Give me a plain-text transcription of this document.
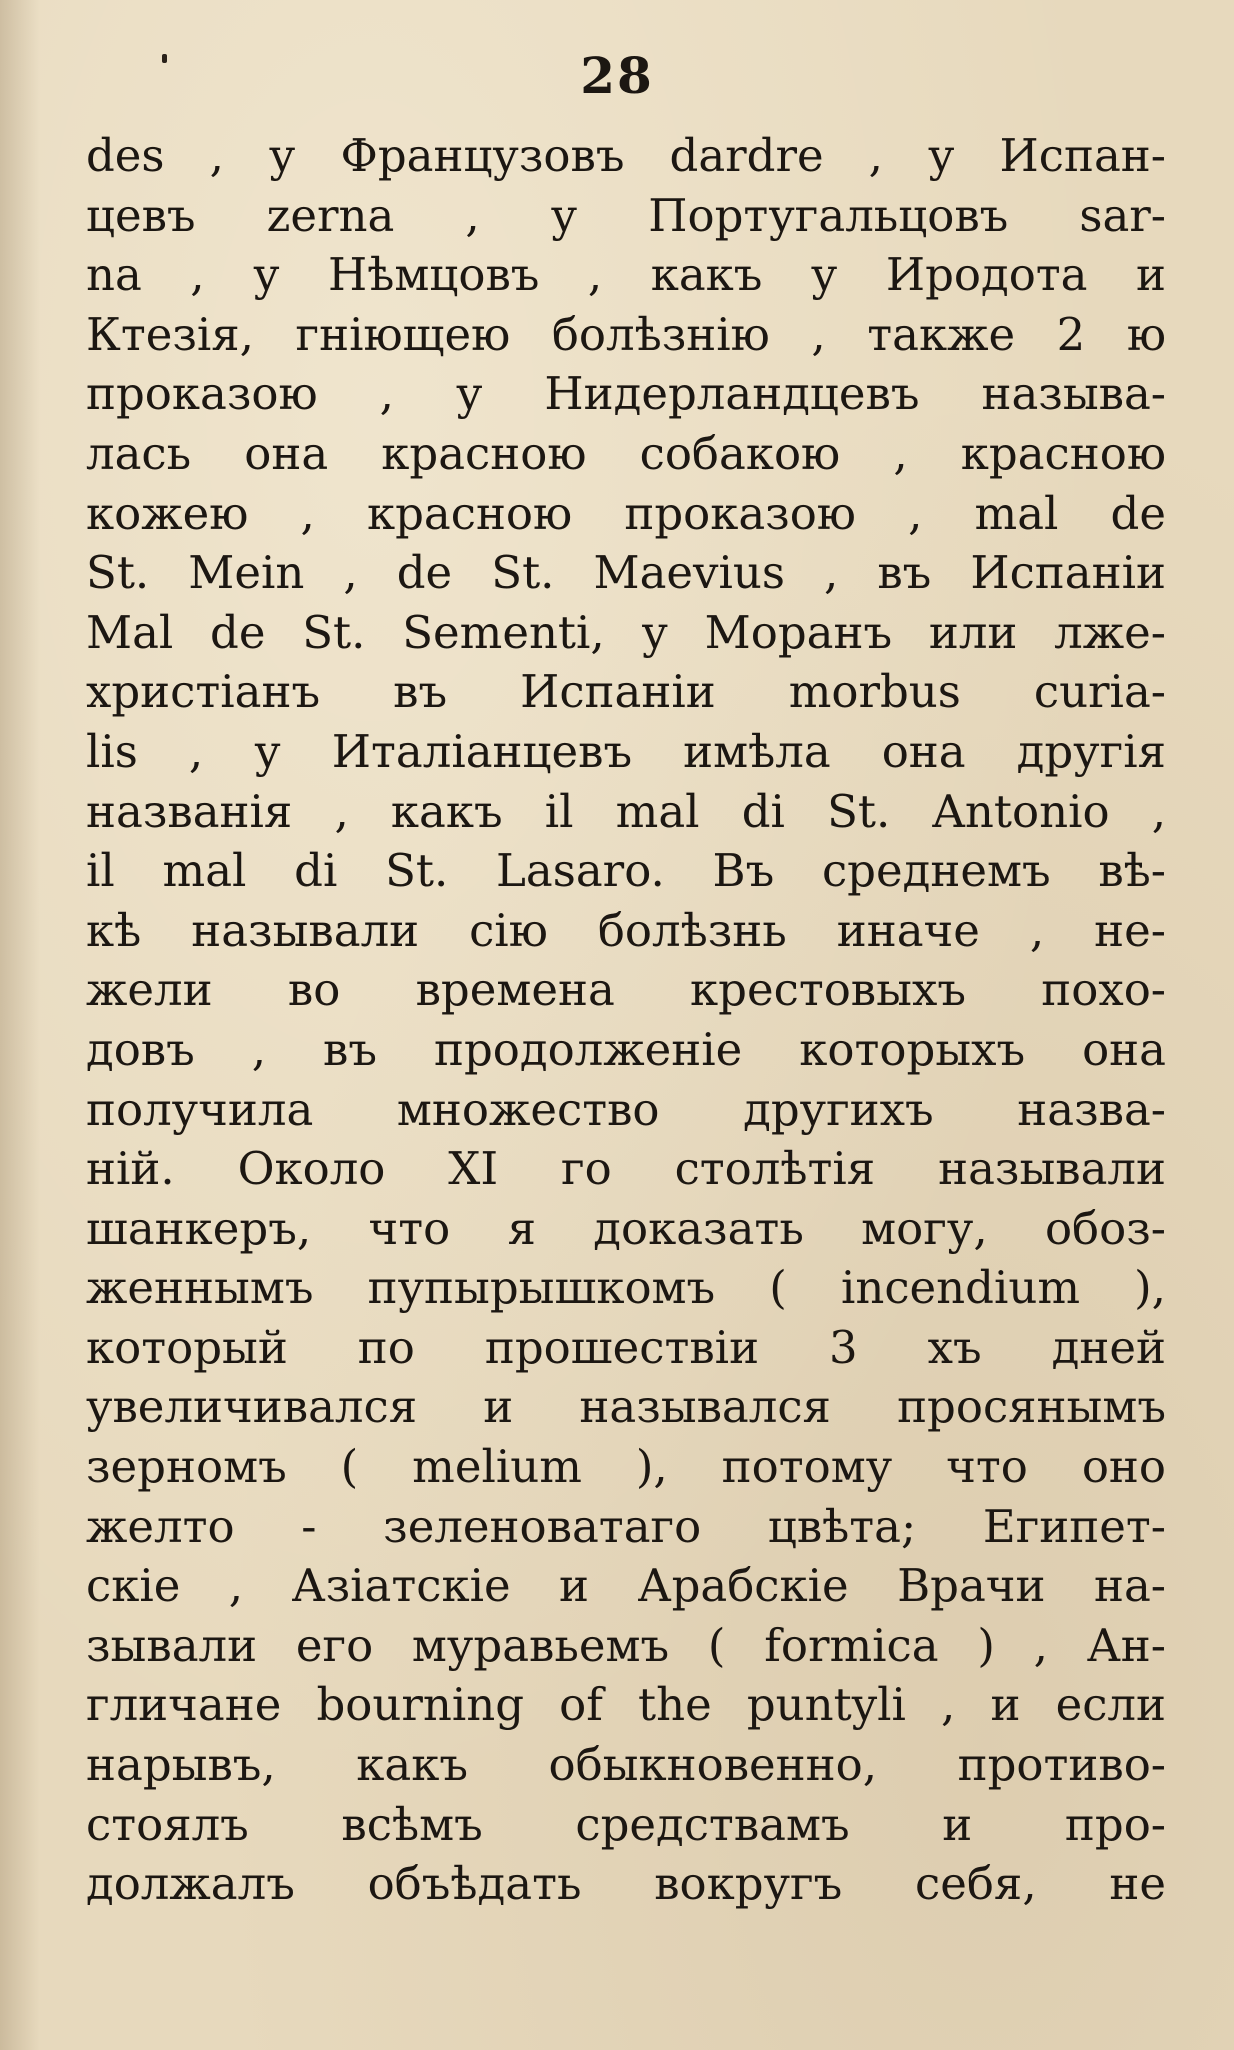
28
des , у Французовъ dardre , у Испан-
цевъ zerna , у Португальцовъ sar-
na , у Нѣмцовъ , какъ у Иродота и
Ктезія, гніющею болѣзнію , также 2 ю
проказою , у Нидерландцевъ называ-
лась она красною собакою , красною
кожею , красною проказою , mal de
St. Mein , de St. Maevius , въ Испаніи
Mal de St. Sementi, у Моранъ или лже-
христіанъ въ Испаніи morbus curia-
lis , у Италіанцевъ имѣла она другія
названія , какъ il mal di St. Antonio ,
il mal di St. Lasaro. Въ среднемъ вѣ-
кѣ называли сію болѣзнь иначе , не-
жели во времена крестовыхъ похо-
довъ , въ продолженіе которыхъ она
получила множество другихъ назва-
ній. Около XI го столѣтія называли
шанкеръ, что я доказать могу, обоз-
женнымъ пупырышкомъ ( incendium ),
который по прошествіи 3 хъ дней
увеличивался и назывался просянымъ
зерномъ ( melium ), потому что оно
желто - зеленоватаго цвѣта; Египет-
скіе , Азіатскіе и Арабскіе Врачи на-
зывали его муравьемъ ( formica ) , Ан-
гличане bourning of the puntyli , и если
нарывъ, какъ обыкновенно, противо-
стоялъ всѣмъ средствамъ и про-
должалъ объѣдать вокругъ себя, не
